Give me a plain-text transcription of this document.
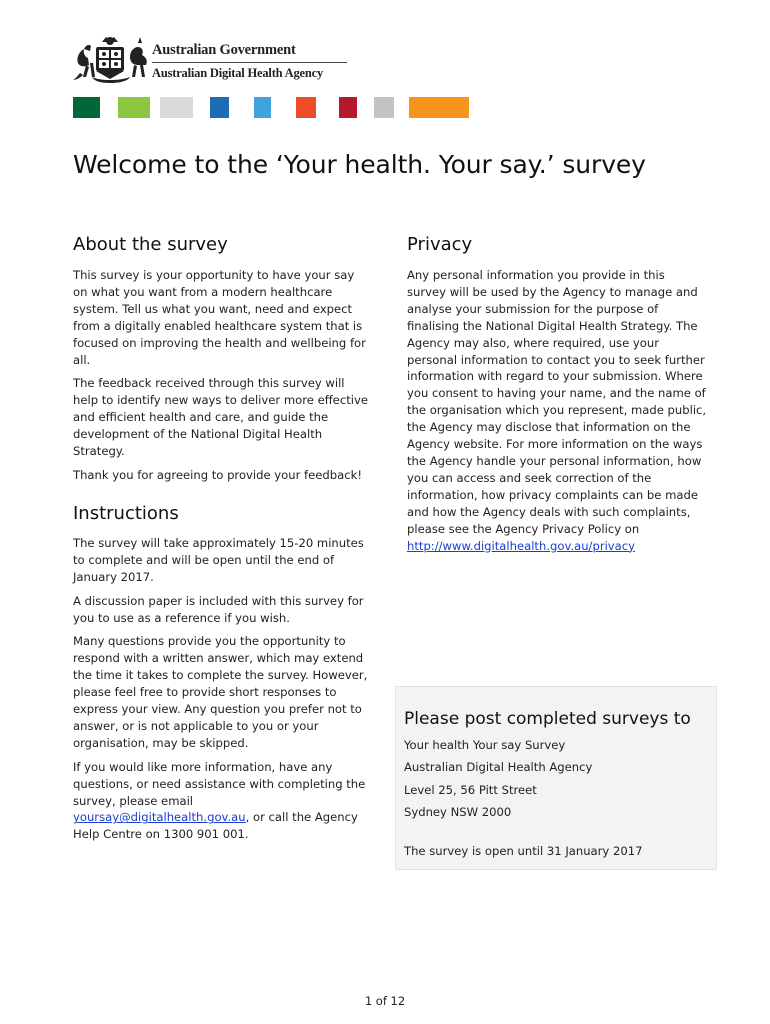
Australian Government
Australian Digital Health Agency
Welcome to the ‘Your health. Your say.’ survey
About the survey

This survey is your opportunity to have your say on what you want from a modern healthcare system. Tell us what you want, need and expect from a digitally enabled healthcare system that is focused on improving the health and wellbeing for all.

The feedback received through this survey will help to identify new ways to deliver more effective and efficient health and care, and guide the development of the National Digital Health Strategy.

Thank you for agreeing to provide your feedback!

Instructions

The survey will take approximately 15-20 minutes to complete and will be open until the end of January 2017.

A discussion paper is included with this survey for you to use as a reference if you wish.

Many questions provide you the opportunity to respond with a written answer, which may extend the time it takes to complete the survey. However, please feel free to provide short responses to express your view. Any question you prefer not to answer, or is not applicable to you or your organisation, may be skipped.

If you would like more information, have any questions, or need assistance with completing the survey, please email yoursay@digitalhealth.gov.au, or call the Agency Help Centre on 1300 901 001.

Privacy

Any personal information you provide in this survey will be used by the Agency to manage and analyse your submission for the purpose of finalising the National Digital Health Strategy. The Agency may also, where required, use your personal information to contact you to seek further information with regard to your submission. Where you consent to having your name, and the name of the organisation which you represent, made public, the Agency may disclose that information on the Agency website. For more information on the ways the Agency handle your personal information, how you can access and seek correction of the information, how privacy complaints can be made and how the Agency deals with such complaints, please see the Agency Privacy Policy on http://www.digitalhealth.gov.au/privacy

Please post completed surveys to
Your health Your say Survey
Australian Digital Health Agency
Level 25, 56 Pitt Street
Sydney NSW 2000
The survey is open until 31 January 2017
1 of 12
